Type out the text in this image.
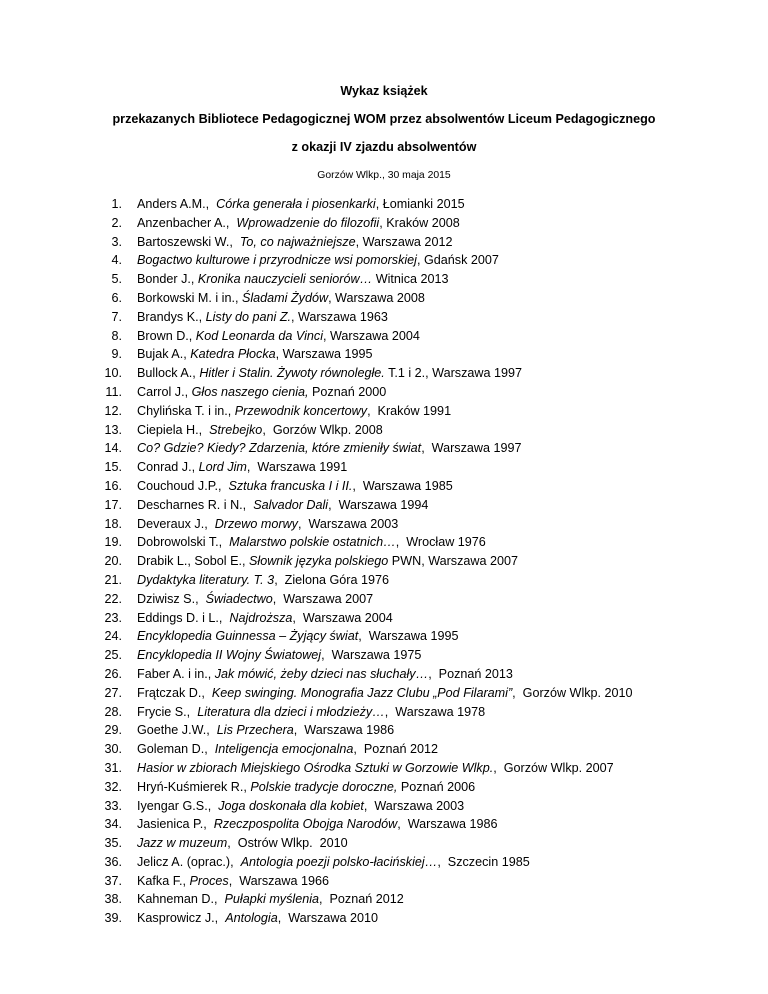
Wykaz książek
przekazanych Bibliotece Pedagogicznej WOM przez absolwentów Liceum Pedagogicznego
z okazji IV zjazdu absolwentów
Gorzów Wlkp., 30 maja 2015
1. Anders A.M.,  Córka generała i piosenkarki, Łomianki 2015
2. Anzenbacher A.,  Wprowadzenie do filozofii, Kraków 2008
3. Bartoszewski W.,  To, co najważniejsze, Warszawa 2012
4. Bogactwo kulturowe i przyrodnicze wsi pomorskiej, Gdańsk 2007
5. Bonder J., Kronika nauczycieli seniorów… Witnica 2013
6. Borkowski M. i in., Śladami Żydów, Warszawa 2008
7. Brandys K., Listy do pani Z., Warszawa 1963
8. Brown D., Kod Leonarda da Vinci, Warszawa 2004
9. Bujak A., Katedra Płocka, Warszawa 1995
10. Bullock A., Hitler i Stalin. Żywoty równoległe. T.1 i 2., Warszawa 1997
11. Carrol J., Głos naszego cienia, Poznań 2000
12. Chylińska T. i in., Przewodnik koncertowy,  Kraków 1991
13. Ciepiela H.,  Strebejko,  Gorzów Wlkp. 2008
14. Co? Gdzie? Kiedy? Zdarzenia, które zmieniły świat,  Warszawa 1997
15. Conrad J., Lord Jim,  Warszawa 1991
16. Couchoud J.P.,  Sztuka francuska I i II.,  Warszawa 1985
17. Descharnes R. i N.,  Salvador Dali,  Warszawa 1994
18. Deveraux J.,  Drzewo morwy,  Warszawa 2003
19. Dobrowolski T.,  Malarstwo polskie ostatnich…,  Wrocław 1976
20. Drabik L., Sobol E., Słownik języka polskiego PWN, Warszawa 2007
21. Dydaktyka literatury. T. 3,  Zielona Góra 1976
22. Dziwisz S.,  Świadectwo,  Warszawa 2007
23. Eddings D. i L.,  Najdroższa,  Warszawa 2004
24. Encyklopedia Guinnessa – Żyjący świat,  Warszawa 1995
25. Encyklopedia II Wojny Światowej,  Warszawa 1975
26. Faber A. i in., Jak mówić, żeby dzieci nas słuchały…,  Poznań 2013
27. Frątczak D.,  Keep swinging. Monografia Jazz Clubu „Pod Filarami”,  Gorzów Wlkp. 2010
28. Frycie S.,  Literatura dla dzieci i młodzieży…,  Warszawa 1978
29. Goethe J.W.,  Lis Przechera,  Warszawa 1986
30. Goleman D.,  Inteligencja emocjonalna,  Poznań 2012
31. Hasior w zbiorach Miejskiego Ośrodka Sztuki w Gorzowie Wlkp.,  Gorzów Wlkp. 2007
32. Hryń-Kuśmierek R., Polskie tradycje doroczne, Poznań 2006
33. Iyengar G.S.,  Joga doskonała dla kobiet,  Warszawa 2003
34. Jasienica P.,  Rzeczpospolita Obojga Narodów,  Warszawa 1986
35. Jazz w muzeum,  Ostrów Wlkp.  2010
36. Jelicz A. (oprac.),  Antologia poezji polsko-łacińskiej…,  Szczecin 1985
37. Kafka F., Proces,  Warszawa 1966
38. Kahneman D.,  Pułapki myślenia,  Poznań 2012
39. Kasprowicz J.,  Antologia,  Warszawa 2010
